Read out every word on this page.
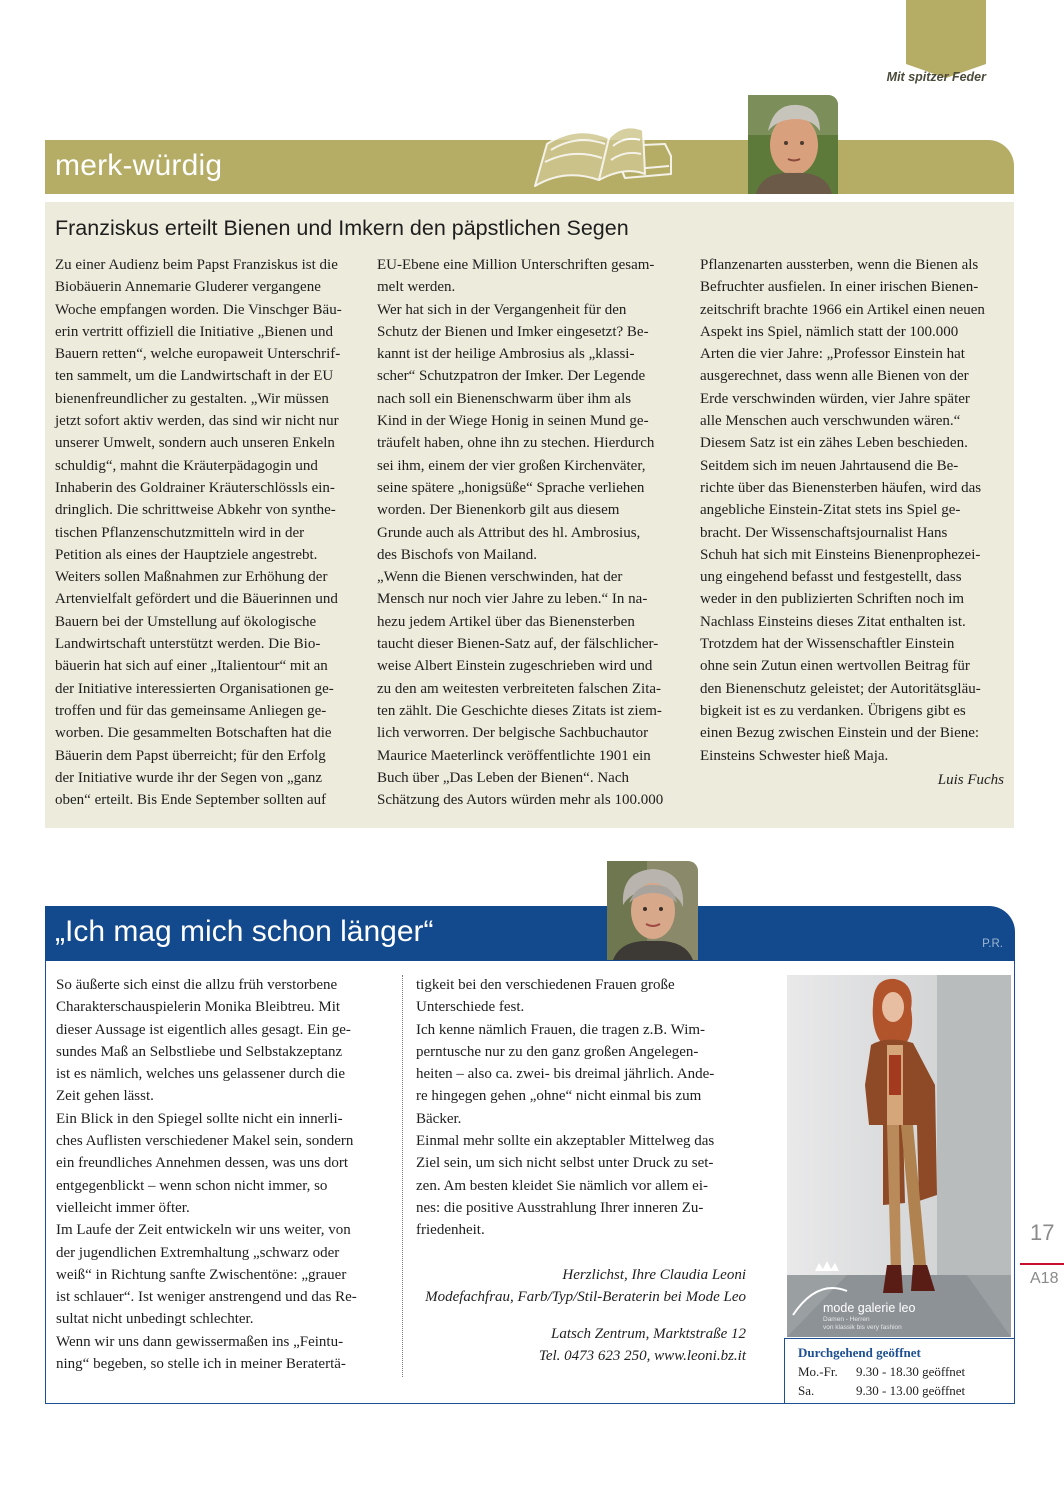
Mit spitzer Feder
merk-würdig
Franziskus erteilt Bienen und Imkern den päpstlichen Segen
Zu einer Audienz beim Papst Franziskus ist die
Biobäuerin Annemarie Gluderer vergangene
Woche empfangen worden. Die Vinschger Bäu-
erin vertritt offiziell die Initiative „Bienen und
Bauern retten“, welche europaweit Unterschrif-
ten sammelt, um die Landwirtschaft in der EU
bienenfreundlicher zu gestalten. „Wir müssen
jetzt sofort aktiv werden, das sind wir nicht nur
unserer Umwelt, sondern auch unseren Enkeln
schuldig“, mahnt die Kräuterpädagogin und
Inhaberin des Goldrainer Kräuterschlössls ein-
dringlich. Die schrittweise Abkehr von synthe-
tischen Pflanzenschutzmitteln wird in der
Petition als eines der Hauptziele angestrebt.
Weiters sollen Maßnahmen zur Erhöhung der
Artenvielfalt gefördert und die Bäuerinnen und
Bauern bei der Umstellung auf ökologische
Landwirtschaft unterstützt werden. Die Bio-
bäuerin hat sich auf einer „Italientour“ mit an
der Initiative interessierten Organisationen ge-
troffen und für das gemeinsame Anliegen ge-
worben. Die gesammelten Botschaften hat die
Bäuerin dem Papst überreicht; für den Erfolg
der Initiative wurde ihr der Segen von „ganz
oben“ erteilt. Bis Ende September sollten auf
EU-Ebene eine Million Unterschriften gesam-
melt werden.
Wer hat sich in der Vergangenheit für den
Schutz der Bienen und Imker eingesetzt? Be-
kannt ist der heilige Ambrosius als „klassi-
scher“ Schutzpatron der Imker. Der Legende
nach soll ein Bienenschwarm über ihm als
Kind in der Wiege Honig in seinen Mund ge-
träufelt haben, ohne ihn zu stechen. Hierdurch
sei ihm, einem der vier großen Kirchenväter,
seine spätere „honigsüße“ Sprache verliehen
worden. Der Bienenkorb gilt aus diesem
Grunde auch als Attribut des hl. Ambrosius,
des Bischofs von Mailand.
„Wenn die Bienen verschwinden, hat der
Mensch nur noch vier Jahre zu leben.“ In na-
hezu jedem Artikel über das Bienensterben
taucht dieser Bienen-Satz auf, der fälschlicher-
weise Albert Einstein zugeschrieben wird und
zu den am weitesten verbreiteten falschen Zita-
ten zählt. Die Geschichte dieses Zitats ist ziem-
lich verworren. Der belgische Sachbuchautor
Maurice Maeterlinck veröffentlichte 1901 ein
Buch über „Das Leben der Bienen“. Nach
Schätzung des Autors würden mehr als 100.000
Pflanzenarten aussterben, wenn die Bienen als
Befruchter ausfielen. In einer irischen Bienen-
zeitschrift brachte 1966 ein Artikel einen neuen
Aspekt ins Spiel, nämlich statt der 100.000
Arten die vier Jahre: „Professor Einstein hat
ausgerechnet, dass wenn alle Bienen von der
Erde verschwinden würden, vier Jahre später
alle Menschen auch verschwunden wären.“
Diesem Satz ist ein zähes Leben beschieden.
Seitdem sich im neuen Jahrtausend die Be-
richte über das Bienensterben häufen, wird das
angebliche Einstein-Zitat stets ins Spiel ge-
bracht. Der Wissenschaftsjournalist Hans
Schuh hat sich mit Einsteins Bienenprophezei-
ung eingehend befasst und festgestellt, dass
weder in den publizierten Schriften noch im
Nachlass Einsteins dieses Zitat enthalten ist.
Trotzdem hat der Wissenschaftler Einstein
ohne sein Zutun einen wertvollen Beitrag für
den Bienenschutz geleistet; der Autoritätsgläu-
bigkeit ist es zu verdanken. Übrigens gibt es
einen Bezug zwischen Einstein und der Biene:
Einsteins Schwester hieß Maja.
Luis Fuchs
„Ich mag mich schon länger“	P.R.
So äußerte sich einst die allzu früh verstorbene
Charakterschauspielerin Monika Bleibtreu. Mit
dieser Aussage ist eigentlich alles gesagt. Ein ge-
sundes Maß an Selbstliebe und Selbstakzeptanz
ist es nämlich, welches uns gelassener durch die
Zeit gehen lässt.
Ein Blick in den Spiegel sollte nicht ein innerli-
ches Auflisten verschiedener Makel sein, sondern
ein freundliches Annehmen dessen, was uns dort
entgegenblickt – wenn schon nicht immer, so
vielleicht immer öfter.
Im Laufe der Zeit entwickeln wir uns weiter, von
der jugendlichen Extremhaltung „schwarz oder
weiß“ in Richtung sanfte Zwischentöne: „grauer
ist schlauer“. Ist weniger anstrengend und das Re-
sultat nicht unbedingt schlechter.
Wenn wir uns dann gewissermaßen ins „Feintu-
ning“ begeben, so stelle ich in meiner Beratertä-
tigkeit bei den verschiedenen Frauen große
Unterschiede fest.
Ich kenne nämlich Frauen, die tragen z.B. Wim-
perntusche nur zu den ganz großen Angelegen-
heiten – also ca. zwei- bis dreimal jährlich. Ande-
re hingegen gehen „ohne“ nicht einmal bis zum
Bäcker.
Einmal mehr sollte ein akzeptabler Mittelweg das
Ziel sein, um sich nicht selbst unter Druck zu set-
zen. Am besten kleidet Sie nämlich vor allem ei-
nes: die positive Ausstrahlung Ihrer inneren Zu-
friedenheit.
Herzlichst, Ihre Claudia Leoni
Modefachfrau, Farb/Typ/Stil-Beraterin bei Mode Leo
Latsch Zentrum, Marktstraße 12
Tel. 0473 623 250, www.leoni.bz.it
mode galerie leo
Damen - Herren
von klassik bis very fashion
Durchgehend geöffnet
Mo.-Fr. 9.30 - 18.30 geöffnet
Sa.	9.30 - 13.00 geöffnet
17
A18
